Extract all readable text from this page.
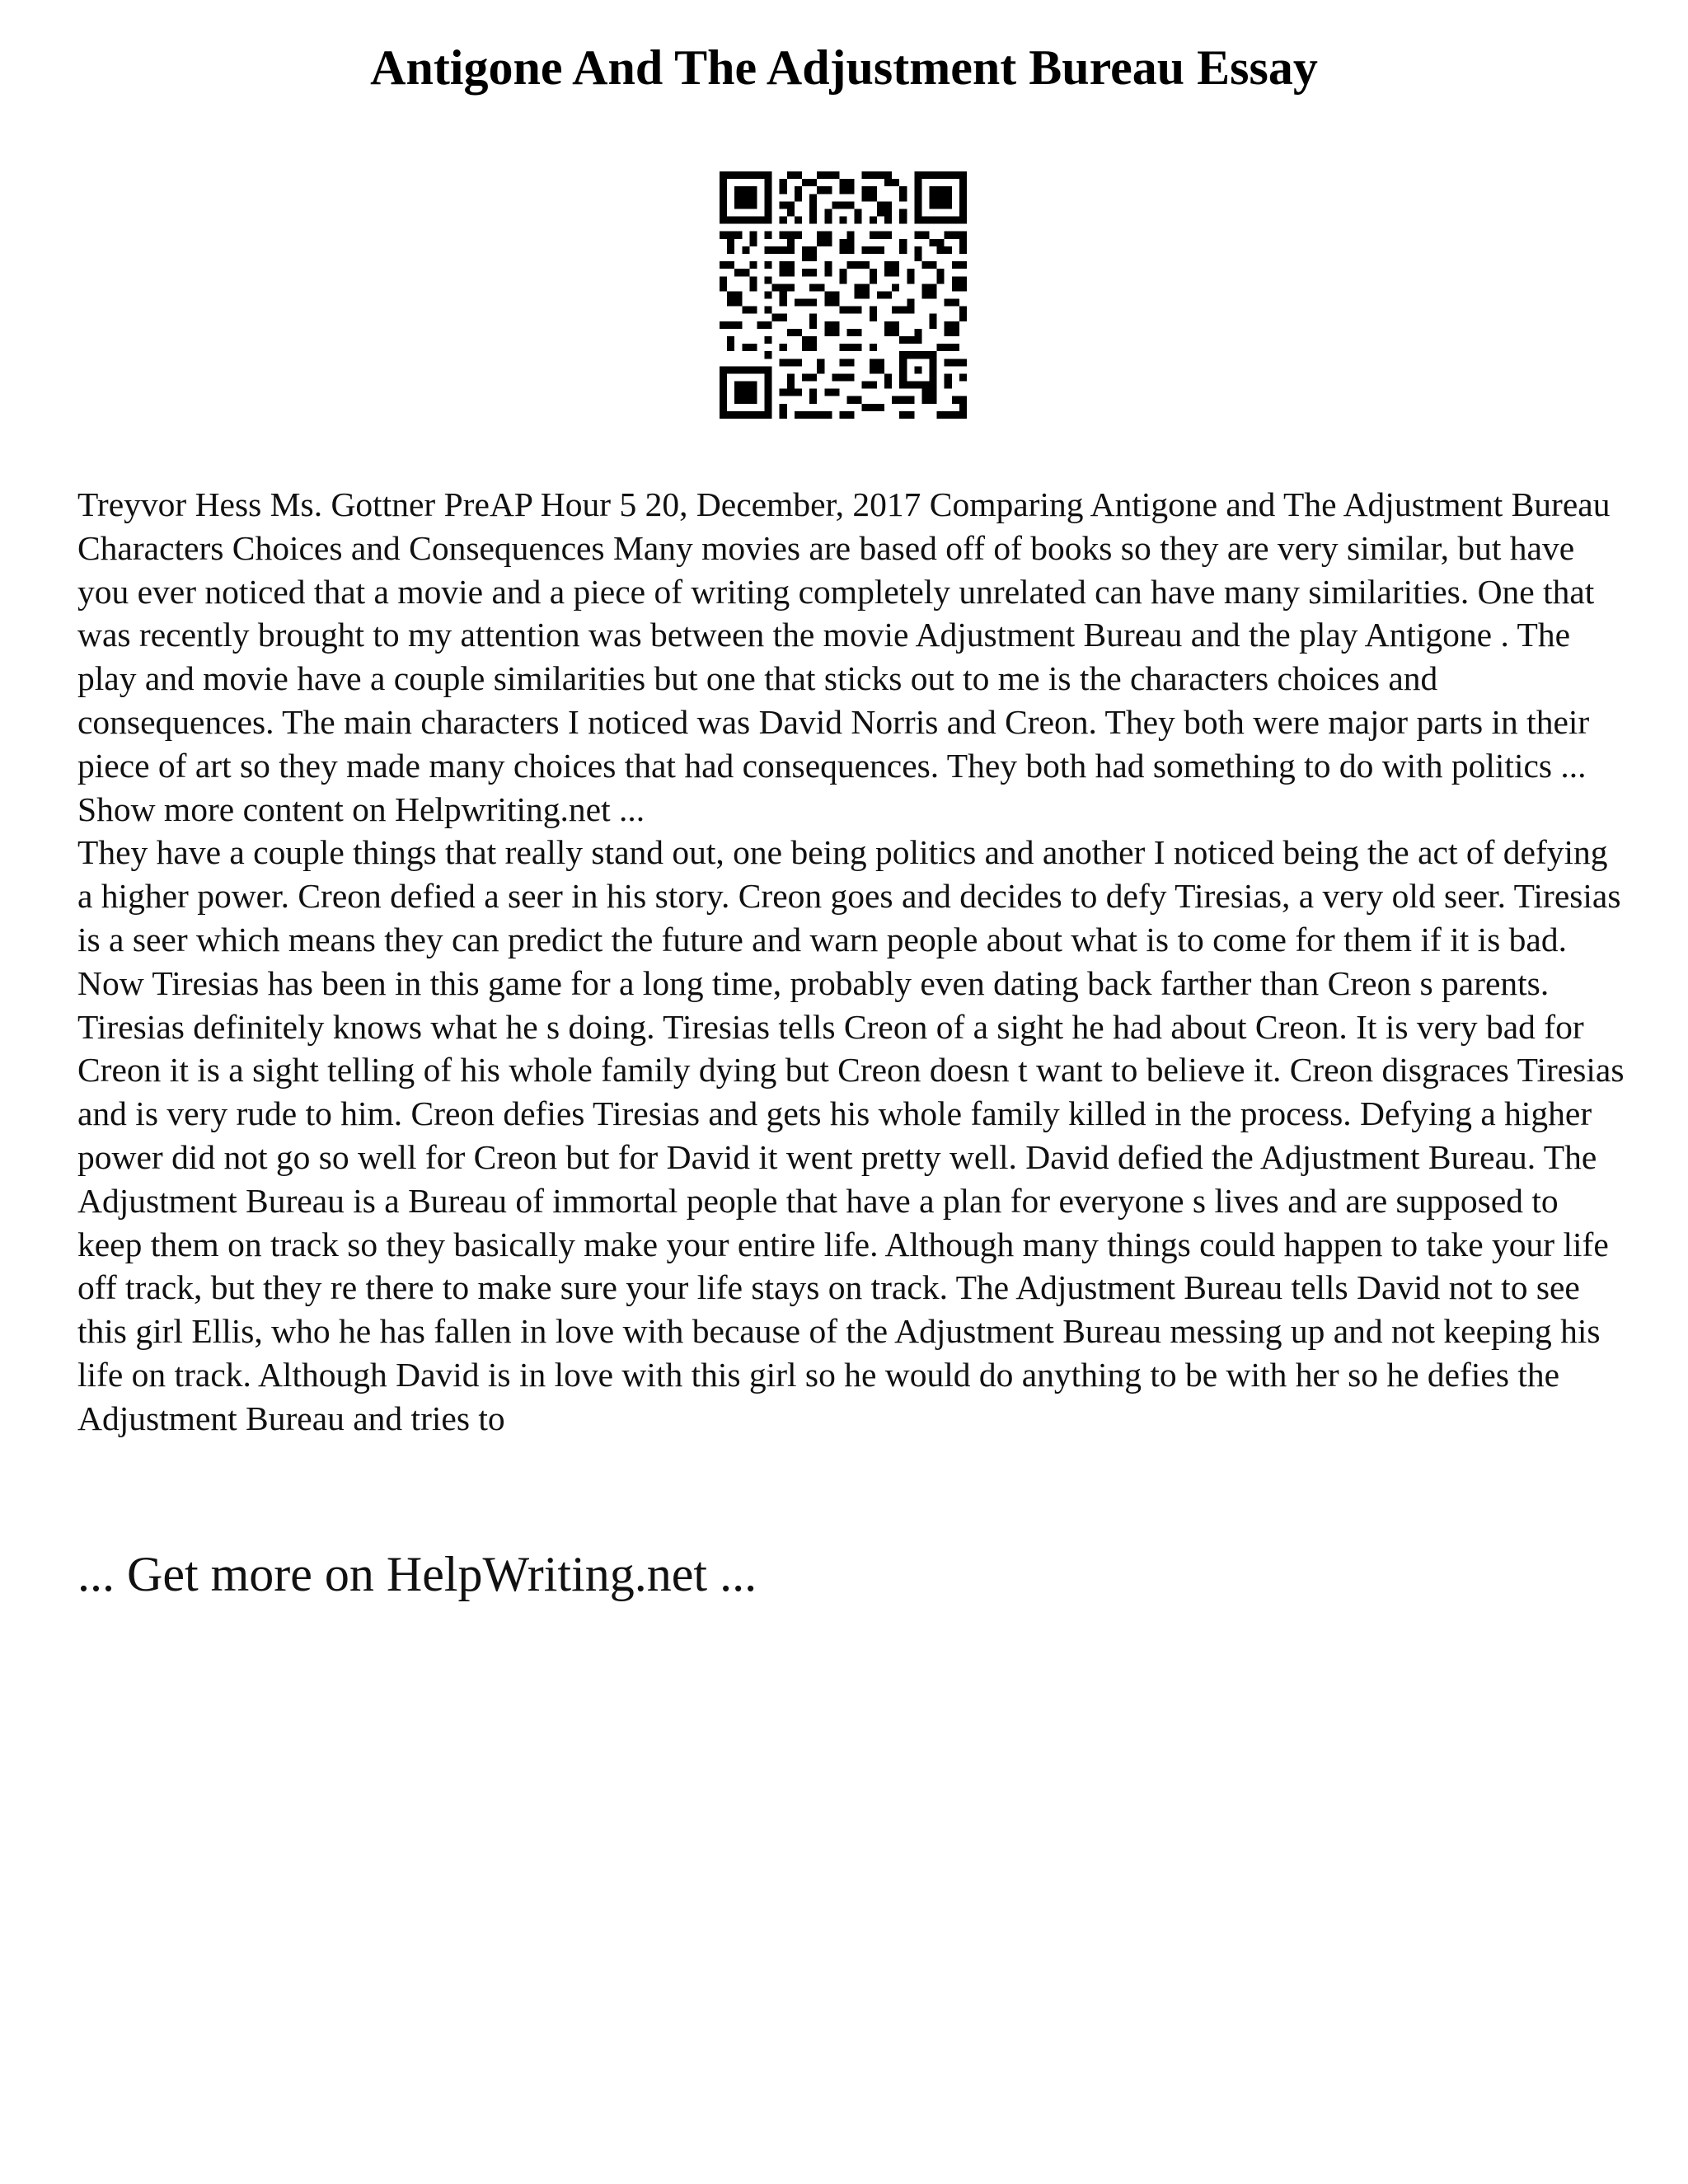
Antigone And The Adjustment Bureau Essay

Treyvor Hess Ms. Gottner PreAP Hour 5 20, December, 2017 Comparing Antigone and The Adjustment Bureau Characters Choices and Consequences Many movies are based off of books so they are very similar, but have you ever noticed that a movie and a piece of writing completely unrelated can have many similarities. One that was recently brought to my attention was between the movie Adjustment Bureau and the play Antigone . The play and movie have a couple similarities but one that sticks out to me is the characters choices and consequences. The main characters I noticed was David Norris and Creon. They both were major parts in their piece of art so they made many choices that had consequences. They both had something to do with politics ... Show more content on Helpwriting.net ...

They have a couple things that really stand out, one being politics and another I noticed being the act of defying a higher power. Creon defied a seer in his story. Creon goes and decides to defy Tiresias, a very old seer. Tiresias is a seer which means they can predict the future and warn people about what is to come for them if it is bad. Now Tiresias has been in this game for a long time, probably even dating back farther than Creon s parents. Tiresias definitely knows what he s doing. Tiresias tells Creon of a sight he had about Creon. It is very bad for Creon it is a sight telling of his whole family dying but Creon doesn t want to believe it. Creon disgraces Tiresias and is very rude to him. Creon defies Tiresias and gets his whole family killed in the process. Defying a higher power did not go so well for Creon but for David it went pretty well. David defied the Adjustment Bureau. The Adjustment Bureau is a Bureau of immortal people that have a plan for everyone s lives and are supposed to keep them on track so they basically make your entire life. Although many things could happen to take your life off track, but they re there to make sure your life stays on track. The Adjustment Bureau tells David not to see this girl Ellis, who he has fallen in love with because of the Adjustment Bureau messing up and not keeping his life on track. Although David is in love with this girl so he would do anything to be with her so he defies the Adjustment Bureau and tries to

... Get more on HelpWriting.net ...
